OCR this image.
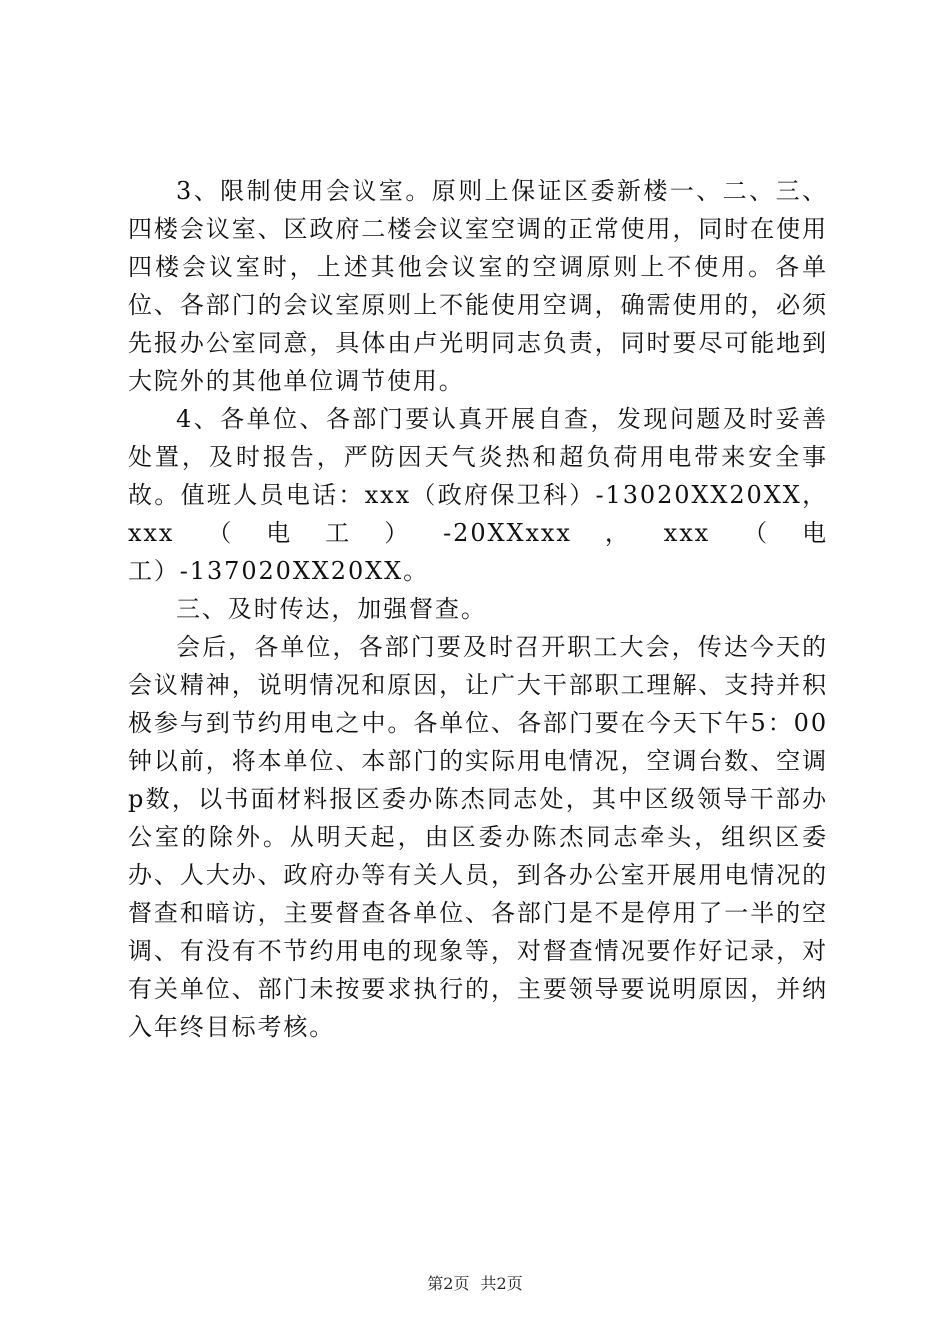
3、限制使用会议室。原则上保证区委新楼一、二、三、四楼会议室、区政府二楼会议室空调的正常使用，同时在使用四楼会议室时，上述其他会议室的空调原则上不使用。各单位、各部门的会议室原则上不能使用空调，确需使用的，必须先报办公室同意，具体由卢光明同志负责，同时要尽可能地到大院外的其他单位调节使用。

4、各单位、各部门要认真开展自查，发现问题及时妥善处置，及时报告，严防因天气炎热和超负荷用电带来安全事故。值班人员电话：xxx（政府保卫科）-13020XX20XX，xxx（电工）-20XXxxx，xxx（电工）-137020XX20XX。

三、及时传达，加强督查。

会后，各单位，各部门要及时召开职工大会，传达今天的会议精神，说明情况和原因，让广大干部职工理解、支持并积极参与到节约用电之中。各单位、各部门要在今天下午5：00钟以前，将本单位、本部门的实际用电情况，空调台数、空调p数，以书面材料报区委办陈杰同志处，其中区级领导干部办公室的除外。从明天起，由区委办陈杰同志牵头，组织区委办、人大办、政府办等有关人员，到各办公室开展用电情况的督查和暗访，主要督查各单位、各部门是不是停用了一半的空调、有没有不节约用电的现象等，对督查情况要作好记录，对有关单位、部门未按要求执行的，主要领导要说明原因，并纳入年终目标考核。

第2页 共2页
